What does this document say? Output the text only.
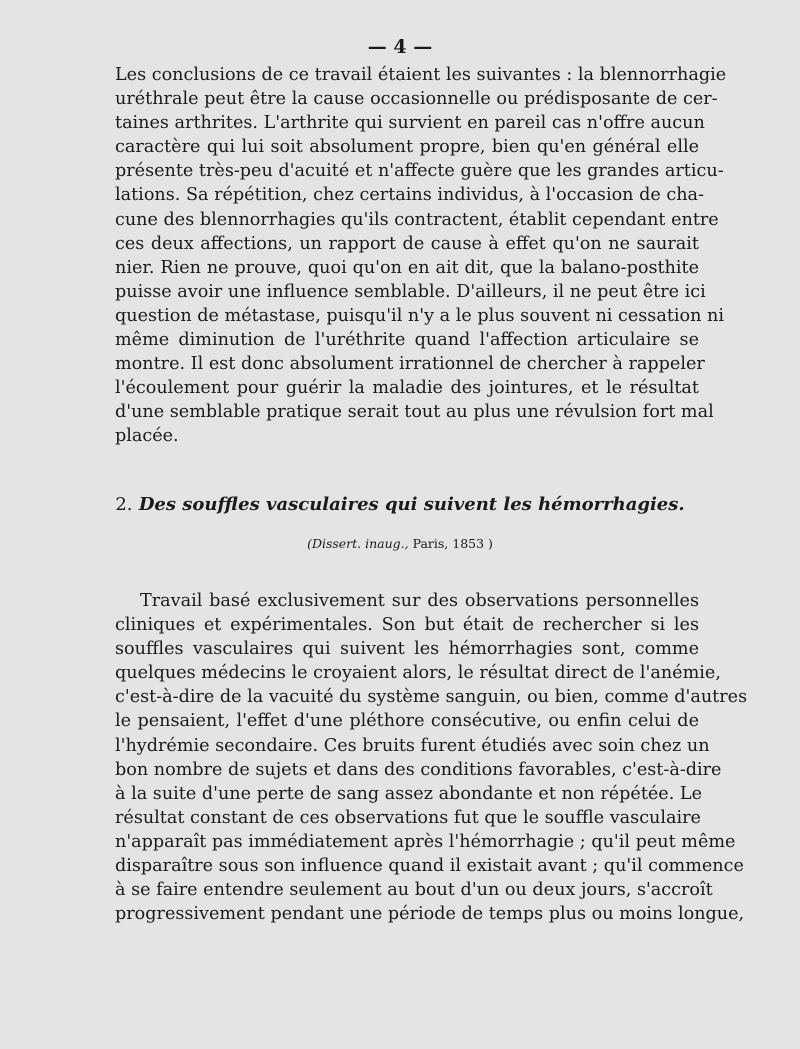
— 4 —
Les conclusions de ce travail étaient les suivantes : la blennorrhagie
uréthrale peut être la cause occasionnelle ou prédisposante de cer-
taines arthrites. L'arthrite qui survient en pareil cas n'offre aucun
caractère qui lui soit absolument propre, bien qu'en général elle
présente très-peu d'acuité et n'affecte guère que les grandes articu-
lations. Sa répétition, chez certains individus, à l'occasion de cha-
cune des blennorrhagies qu'ils contractent, établit cependant entre
ces deux affections, un rapport de cause à effet qu'on ne saurait
nier. Rien ne prouve, quoi qu'on en ait dit, que la balano-posthite
puisse avoir une influence semblable. D'ailleurs, il ne peut être ici
question de métastase, puisqu'il n'y a le plus souvent ni cessation ni
même diminution de l'uréthrite quand l'affection articulaire se
montre. Il est donc absolument irrationnel de chercher à rappeler
l'écoulement pour guérir la maladie des jointures, et le résultat
d'une semblable pratique serait tout au plus une révulsion fort mal
placée.
2. Des souffles vasculaires qui suivent les hémorrhagies.
(Dissert. inaug., Paris, 1853 )
Travail basé exclusivement sur des observations personnelles
cliniques et expérimentales. Son but était de rechercher si les
souffles vasculaires qui suivent les hémorrhagies sont, comme
quelques médecins le croyaient alors, le résultat direct de l'anémie,
c'est-à-dire de la vacuité du système sanguin, ou bien, comme d'autres
le pensaient, l'effet d'une pléthore consécutive, ou enfin celui de
l'hydrémie secondaire. Ces bruits furent étudiés avec soin chez un
bon nombre de sujets et dans des conditions favorables, c'est-à-dire
à la suite d'une perte de sang assez abondante et non répétée. Le
résultat constant de ces observations fut que le souffle vasculaire
n'apparaît pas immédiatement après l'hémorrhagie ; qu'il peut même
disparaître sous son influence quand il existait avant ; qu'il commence
à se faire entendre seulement au bout d'un ou deux jours, s'accroît
progressivement pendant une période de temps plus ou moins longue,
